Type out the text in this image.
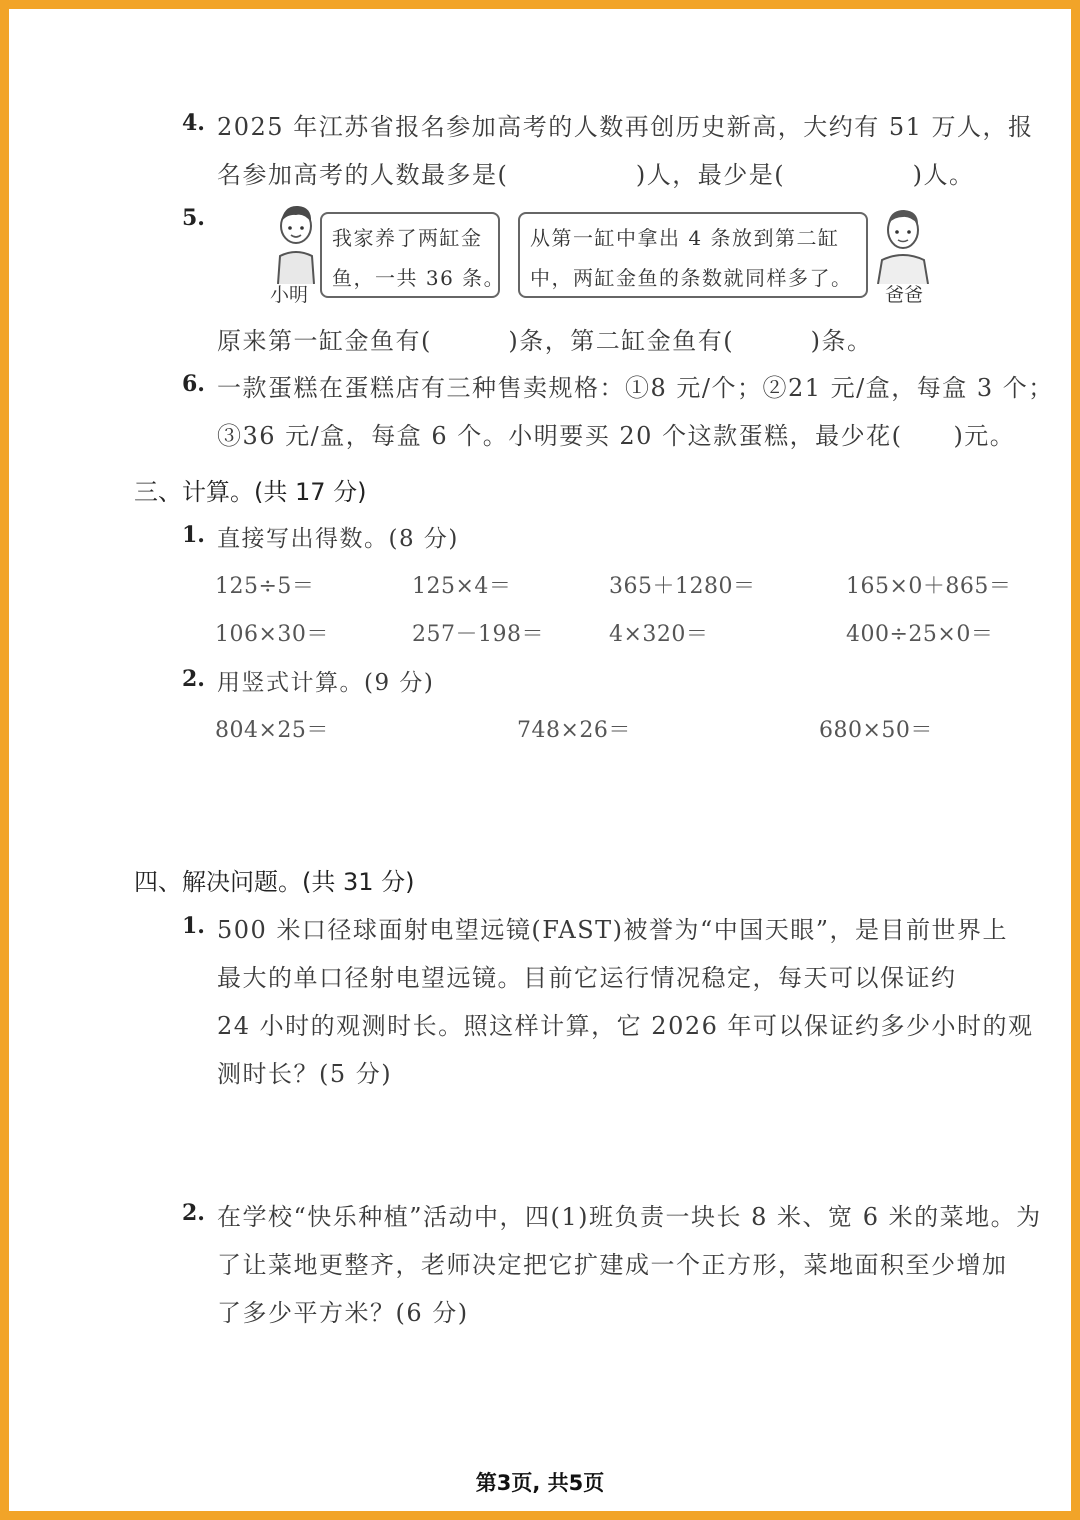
4. 2025 年江苏省报名参加高考的人数再创历史新高，大约有 51 万人，报
名参加高考的人数最多是(　　　　　)人，最少是(　　　　　)人。
5.
小明
我家养了两缸金
鱼，一共 36 条。
从第一缸中拿出 4 条放到第二缸
中，两缸金鱼的条数就同样多了。
爸爸
原来第一缸金鱼有(　　　)条，第二缸金鱼有(　　　)条。
6. 一款蛋糕在蛋糕店有三种售卖规格：①8 元/个；②21 元/盒，每盒 3 个；
③36 元/盒，每盒 6 个。小明要买 20 个这款蛋糕，最少花(　　)元。
三、计算。(共 17 分)
1. 直接写出得数。(8 分)
125÷5＝	125×4＝	365＋1280＝	165×0＋865＝
106×30＝	257－198＝	4×320＝	400÷25×0＝
2. 用竖式计算。(9 分)
804×25＝	748×26＝	680×50＝
四、解决问题。(共 31 分)
1. 500 米口径球面射电望远镜(FAST)被誉为“中国天眼”，是目前世界上
最大的单口径射电望远镜。目前它运行情况稳定，每天可以保证约
24 小时的观测时长。照这样计算，它 2026 年可以保证约多少小时的观
测时长？(5 分)
2. 在学校“快乐种植”活动中，四(1)班负责一块长 8 米、宽 6 米的菜地。为
了让菜地更整齐，老师决定把它扩建成一个正方形，菜地面积至少增加
了多少平方米？(6 分)
第3页, 共5页
